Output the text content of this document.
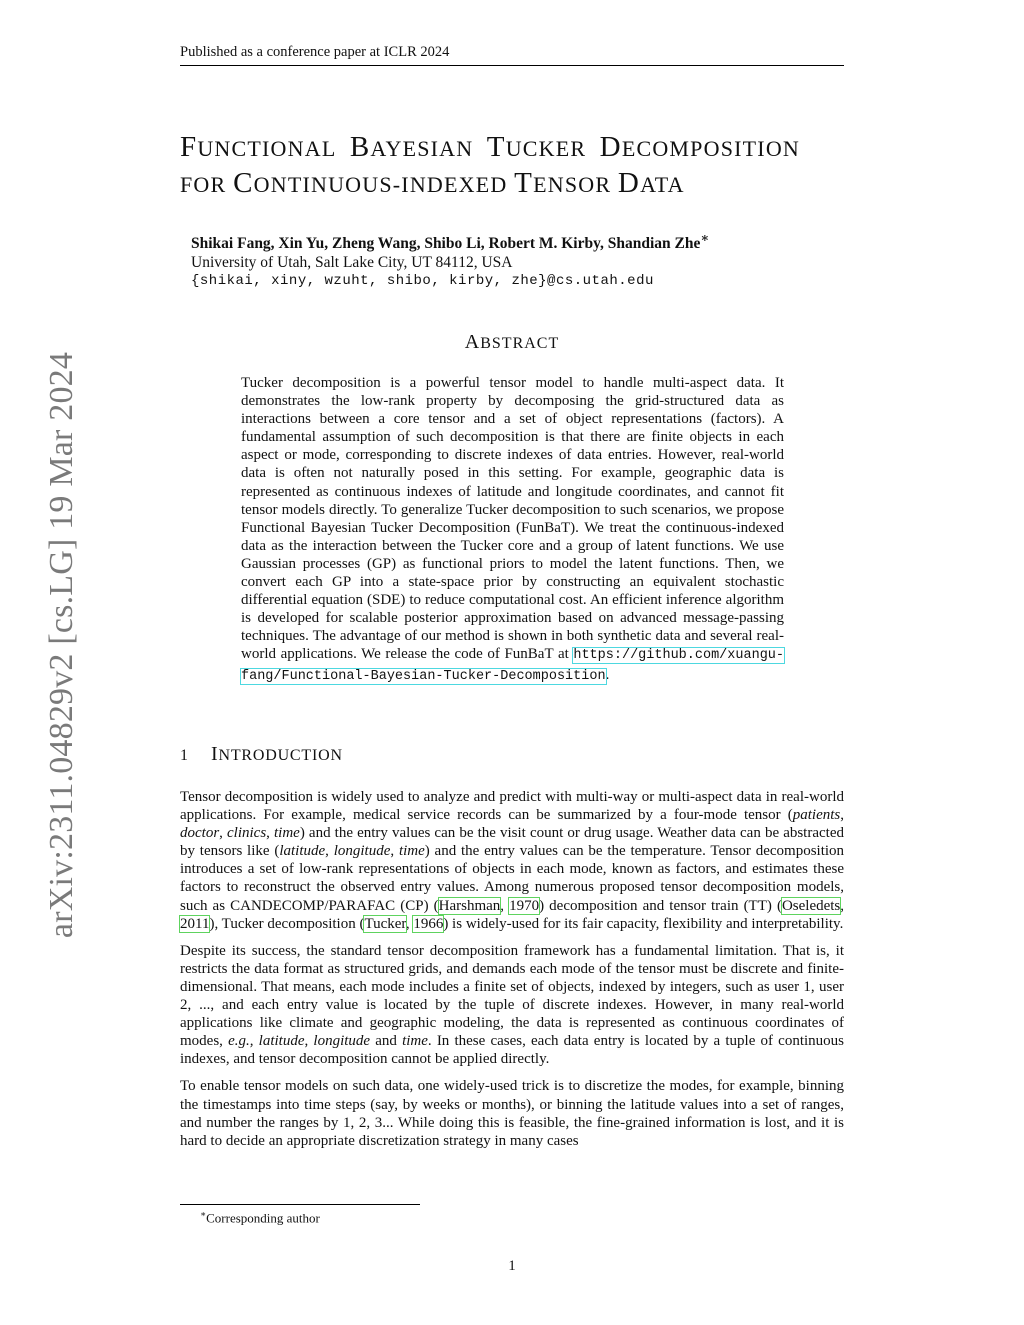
Published as a conference paper at ICLR 2024
arXiv:2311.04829v2 [cs.LG] 19 Mar 2024
FUNCTIONAL BAYESIAN TUCKER DECOMPOSITION
FOR CONTINUOUS-INDEXED TENSOR DATA
Shikai Fang, Xin Yu, Zheng Wang, Shibo Li, Robert M. Kirby, Shandian Zhe∗
University of Utah, Salt Lake City, UT 84112, USA
{shikai, xiny, wzuht, shibo, kirby, zhe}@cs.utah.edu
ABSTRACT

Tucker decomposition is a powerful tensor model to handle multi-aspect data. It demonstrates the low-rank property by decomposing the grid-structured data as interactions between a core tensor and a set of object representations (factors). A fundamental assumption of such decomposition is that there are finite objects in each aspect or mode, corresponding to discrete indexes of data entries. However, real-world data is often not naturally posed in this setting. For example, geographic data is represented as continuous indexes of latitude and longitude coordinates, and cannot fit tensor models directly. To generalize Tucker decomposition to such scenarios, we propose Functional Bayesian Tucker Decomposition (FunBaT). We treat the continuous-indexed data as the interaction between the Tucker core and a group of latent functions. We use Gaussian processes (GP) as functional priors to model the latent functions. Then, we convert each GP into a state-space prior by constructing an equivalent stochastic differential equation (SDE) to reduce computational cost. An efficient inference algorithm is developed for scalable posterior approximation based on advanced message-passing techniques. The advantage of our method is shown in both synthetic data and several real-world applications. We release the code of FunBaT at https://github.com/xuangu-fang/Functional-Bayesian-Tucker-Decomposition.

1 INTRODUCTION

Tensor decomposition is widely used to analyze and predict with multi-way or multi-aspect data in real-world applications. For example, medical service records can be summarized by a four-mode tensor (patients, doctor, clinics, time) and the entry values can be the visit count or drug usage. Weather data can be abstracted by tensors like (latitude, longitude, time) and the entry values can be the temperature. Tensor decomposition introduces a set of low-rank representations of objects in each mode, known as factors, and estimates these factors to reconstruct the observed entry values. Among numerous proposed tensor decomposition models, such as CANDECOMP/PARAFAC (CP) (Harshman, 1970) decomposition and tensor train (TT) (Oseledets, 2011), Tucker decomposition (Tucker, 1966) is widely-used for its fair capacity, flexibility and interpretability.

Despite its success, the standard tensor decomposition framework has a fundamental limitation. That is, it restricts the data format as structured grids, and demands each mode of the tensor must be discrete and finite-dimensional. That means, each mode includes a finite set of objects, indexed by integers, such as user 1, user 2, ..., and each entry value is located by the tuple of discrete indexes. However, in many real-world applications like climate and geographic modeling, the data is represented as continuous coordinates of modes, e.g., latitude, longitude and time. In these cases, each data entry is located by a tuple of continuous indexes, and tensor decomposition cannot be applied directly.

To enable tensor models on such data, one widely-used trick is to discretize the modes, for example, binning the timestamps into time steps (say, by weeks or months), or binning the latitude values into a set of ranges, and number the ranges by 1, 2, 3... While doing this is feasible, the fine-grained information is lost, and it is hard to decide an appropriate discretization strategy in many cases

∗Corresponding author
1
